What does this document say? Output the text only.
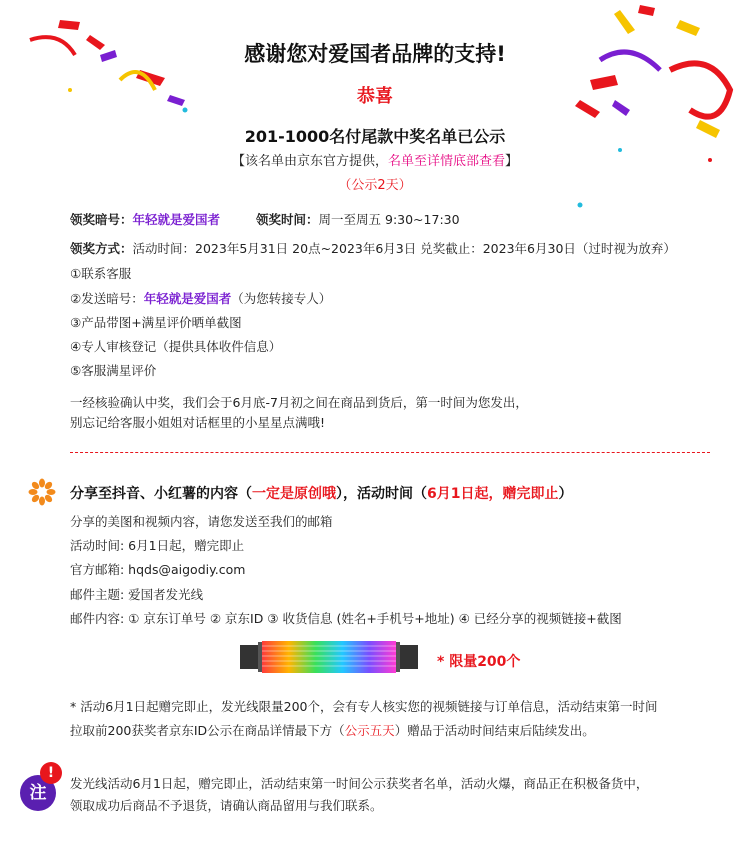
感谢您对爱国者品牌的支持!
恭喜
201-1000名付尾款中奖名单已公示
【该名单由京东官方提供，名单至详情底部查看】
（公示2天）
领奖暗号：年轻就是爱国者	领奖时间：周一至周五 9:30~17:30
领奖方式：活动时间：2023年5月31日 20点~2023年6月3日 兑奖截止：2023年6月30日（过时视为放弃）
①联系客服
②发送暗号：年轻就是爱国者（为您转接专人）
③产品带图+满星评价晒单截图
④专人审核登记（提供具体收件信息）
⑤客服满星评价
一经核验确认中奖，我们会于6月底-7月初之间在商品到货后，第一时间为您发出，
别忘记给客服小姐姐对话框里的小星星点满哦!
分享至抖音、小红薯的内容（一定是原创哦），活动时间（6月1日起，赠完即止）
分享的美图和视频内容，请您发送至我们的邮箱
活动时间: 6月1日起，赠完即止
官方邮箱: hqds@aigodiy.com
邮件主题: 爱国者发光线
邮件内容: ① 京东订单号 ② 京东ID ③ 收货信息 (姓名+手机号+地址) ④ 已经分享的视频链接+截图
* 限量200个
* 活动6月1日起赠完即止，发光线限量200个，会有专人核实您的视频链接与订单信息，活动结束第一时间
拉取前200获奖者京东ID公示在商品详情最下方（公示五天）赠品于活动时间结束后陆续发出。
注
!
发光线活动6月1日起，赠完即止，活动结束第一时间公示获奖者名单，活动火爆，商品正在积极备货中，
领取成功后商品不予退货，请确认商品留用与我们联系。
